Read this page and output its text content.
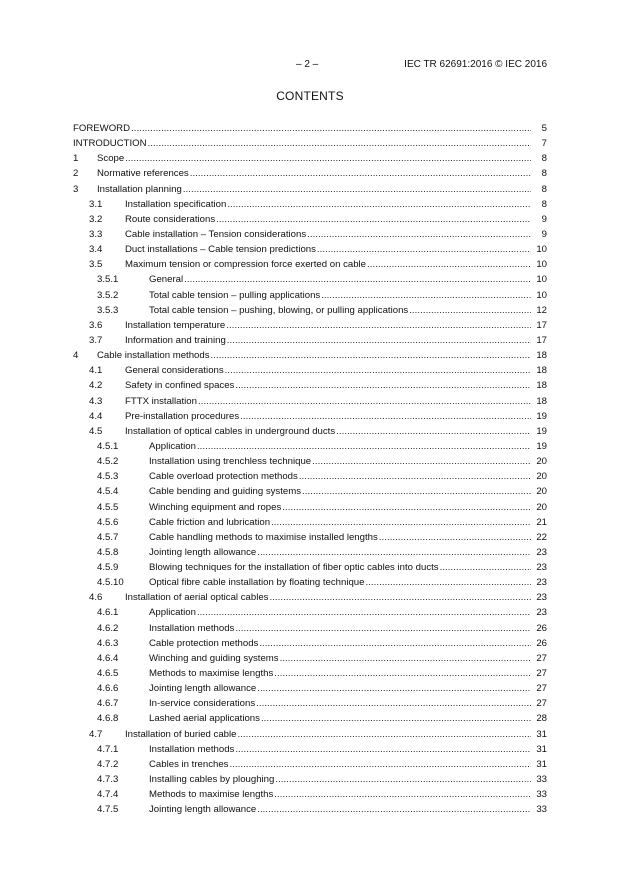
– 2 –	IEC TR 62691:2016 © IEC 2016
CONTENTS
FOREWORD . . .	5
INTRODUCTION . . .	7
1 Scope . . .	8
2 Normative references . . .	8
3 Installation planning . . .	8
3.1 Installation specification . . .	8
3.2 Route considerations . . .	9
3.3 Cable installation – Tension considerations . . .	9
3.4 Duct installations – Cable tension predictions . . .	10
3.5 Maximum tension or compression force exerted on cable . . .	10
3.5.1	General . . .	10
3.5.2	Total cable tension – pulling applications . . .	10
3.5.3	Total cable tension – pushing, blowing, or pulling applications . . .	12
3.6 Installation temperature . . .	17
3.7 Information and training . . .	17
4 Cable installation methods . . .	18
4.1 General considerations . . .	18
4.2 Safety in confined spaces . . .	18
4.3 FTTX installation . . .	18
4.4 Pre-installation procedures . . .	19
4.5 Installation of optical cables in underground ducts . . .	19
4.5.1	Application . . .	19
4.5.2	Installation using trenchless technique . . .	20
4.5.3	Cable overload protection methods . . .	20
4.5.4	Cable bending and guiding systems . . .	20
4.5.5	Winching equipment and ropes . . .	20
4.5.6	Cable friction and lubrication . . .	21
4.5.7	Cable handling methods to maximise installed lengths . . .	22
4.5.8	Jointing length allowance . . .	23
4.5.9	Blowing techniques for the installation of fiber optic cables into ducts . . .	23
4.5.10	Optical fibre cable installation by floating technique . . .	23
4.6 Installation of aerial optical cables . . .	23
4.6.1	Application . . .	23
4.6.2	Installation methods . . .	26
4.6.3	Cable protection methods . . .	26
4.6.4	Winching and guiding systems . . .	27
4.6.5	Methods to maximise lengths . . .	27
4.6.6	Jointing length allowance . . .	27
4.6.7	In-service considerations . . .	27
4.6.8	Lashed aerial applications . . .	28
4.7 Installation of buried cable . . .	31
4.7.1	Installation methods . . .	31
4.7.2	Cables in trenches . . .	31
4.7.3	Installing cables by ploughing . . .	33
4.7.4	Methods to maximise lengths . . .	33
4.7.5	Jointing length allowance . . .	33
